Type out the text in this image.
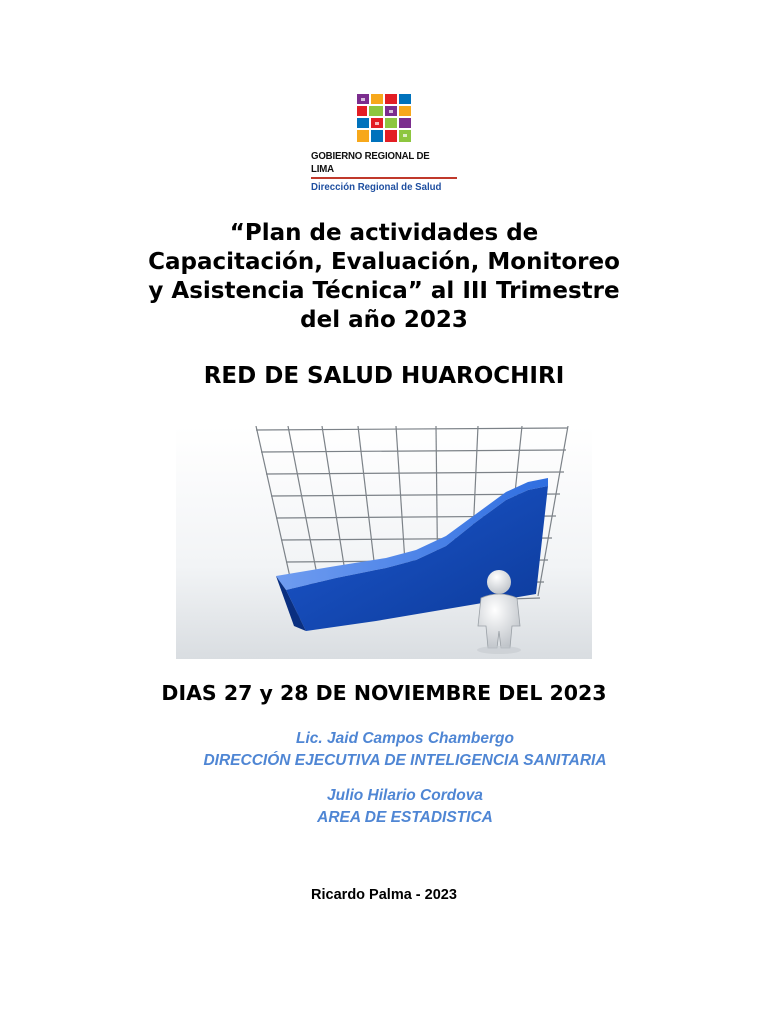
GOBIERNO REGIONAL DE LIMA
Dirección Regional de Salud
“Plan de actividades de
Capacitación, Evaluación, Monitoreo
y Asistencia Técnica” al III Trimestre
del año 2023
RED DE SALUD HUAROCHIRI
DIAS 27 y 28 DE NOVIEMBRE DEL 2023
Lic. Jaid Campos Chambergo
DIRECCIÓN EJECUTIVA DE INTELIGENCIA SANITARIA
Julio Hilario Cordova
AREA DE ESTADISTICA
Ricardo Palma - 2023
